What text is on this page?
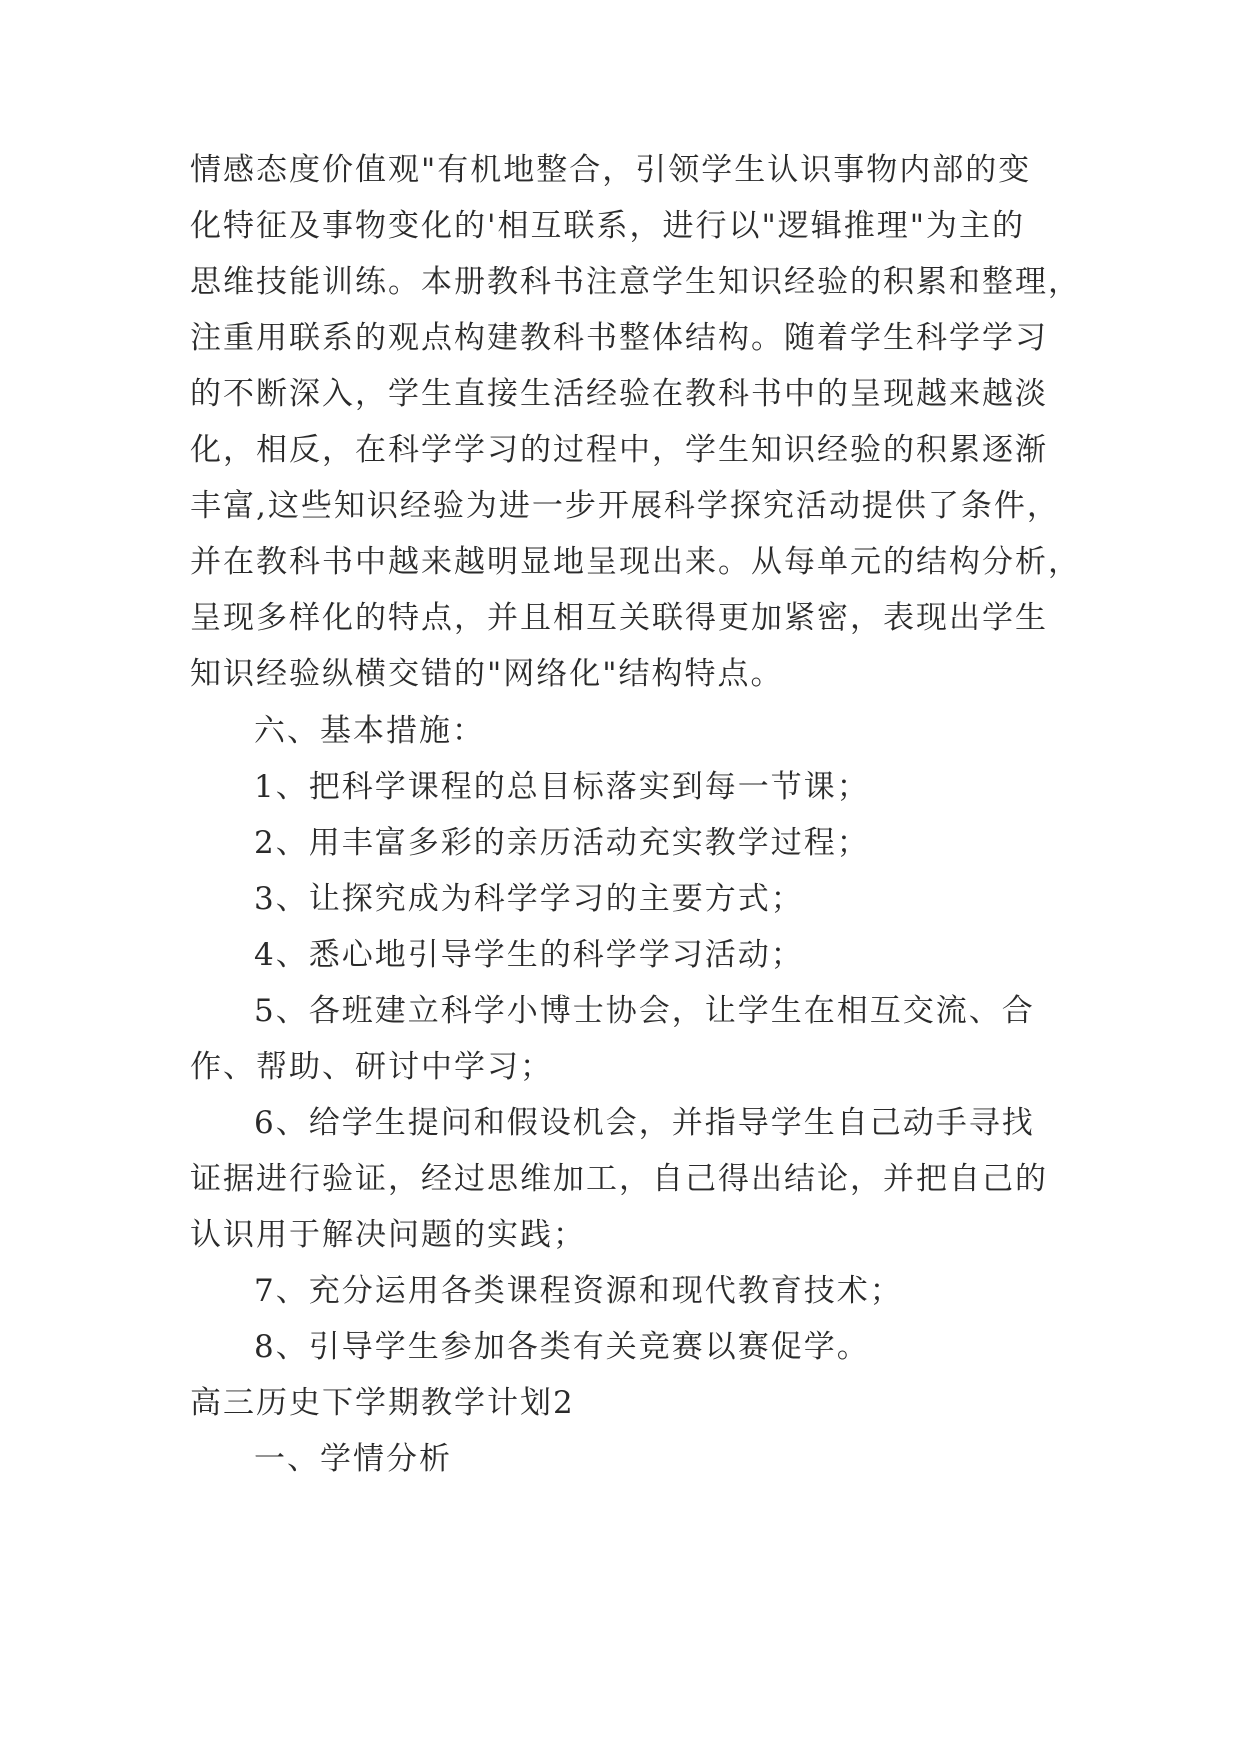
情感态度价值观"有机地整合，引领学生认识事物内部的变
化特征及事物变化的'相互联系，进行以"逻辑推理"为主的
思维技能训练。本册教科书注意学生知识经验的积累和整理，
注重用联系的观点构建教科书整体结构。随着学生科学学习
的不断深入，学生直接生活经验在教科书中的呈现越来越淡
化，相反，在科学学习的过程中，学生知识经验的积累逐渐
丰富,这些知识经验为进一步开展科学探究活动提供了条件，
并在教科书中越来越明显地呈现出来。从每单元的结构分析，
呈现多样化的特点，并且相互关联得更加紧密，表现出学生
知识经验纵横交错的"网络化"结构特点。
六、基本措施：
1、把科学课程的总目标落实到每一节课；
2、用丰富多彩的亲历活动充实教学过程；
3、让探究成为科学学习的主要方式；
4、悉心地引导学生的科学学习活动；
5、各班建立科学小博士协会，让学生在相互交流、合
作、帮助、研讨中学习；
6、给学生提问和假设机会，并指导学生自己动手寻找
证据进行验证，经过思维加工，自己得出结论，并把自己的
认识用于解决问题的实践；
7、充分运用各类课程资源和现代教育技术；
8、引导学生参加各类有关竞赛以赛促学。
高三历史下学期教学计划2
一、学情分析
